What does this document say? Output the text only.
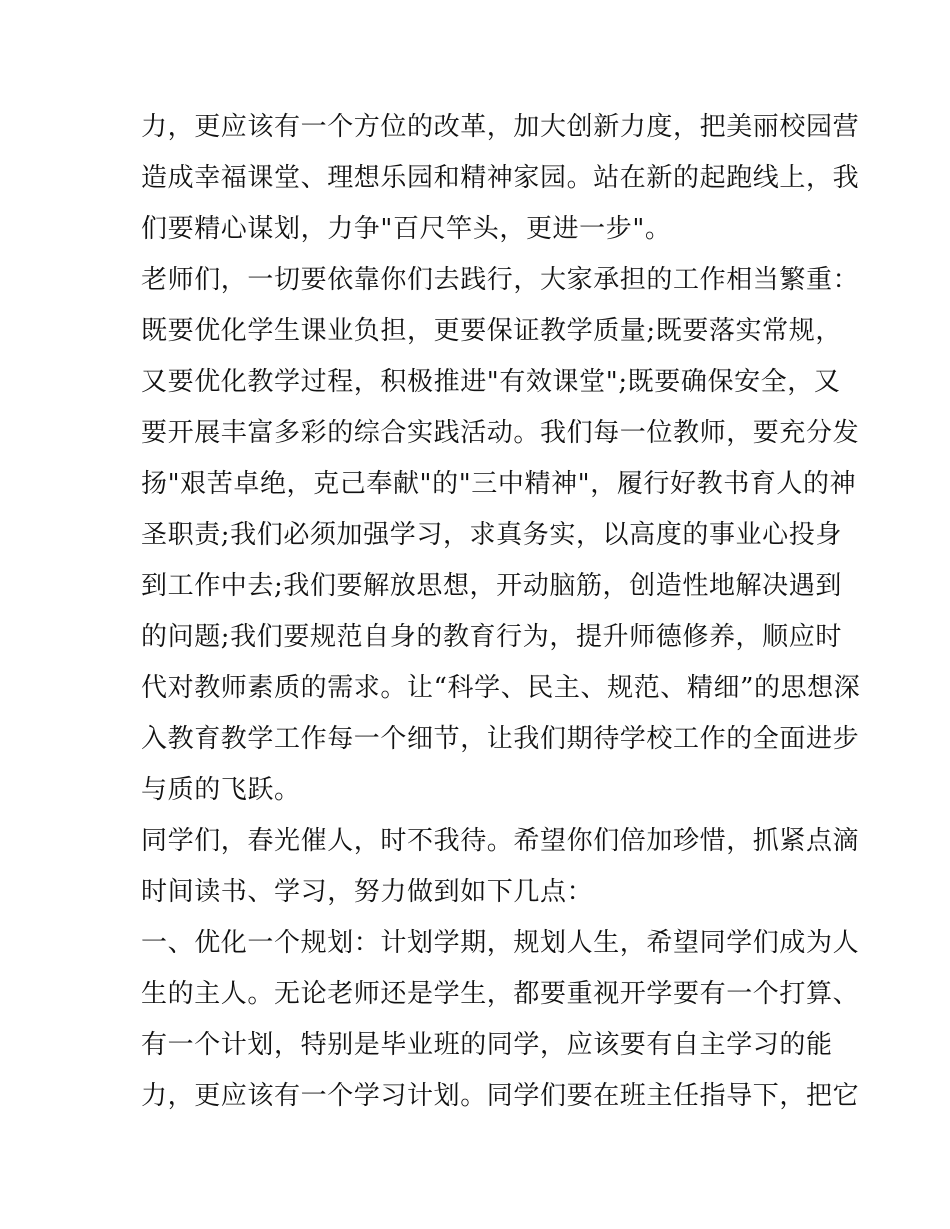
力，更应该有一个方位的改革，加大创新力度，把美丽校园营
造成幸福课堂、理想乐园和精神家园。站在新的起跑线上，我
们要精心谋划，力争"百尺竿头，更进一步"。
老师们，一切要依靠你们去践行，大家承担的工作相当繁重：
既要优化学生课业负担，更要保证教学质量;既要落实常规，
又要优化教学过程，积极推进"有效课堂";既要确保安全，又
要开展丰富多彩的综合实践活动。我们每一位教师，要充分发
扬"艰苦卓绝，克己奉献"的"三中精神"，履行好教书育人的神
圣职责;我们必须加强学习，求真务实，以高度的事业心投身
到工作中去;我们要解放思想，开动脑筋，创造性地解决遇到
的问题;我们要规范自身的教育行为，提升师德修养，顺应时
代对教师素质的需求。让“科学、民主、规范、精细”的思想深
入教育教学工作每一个细节，让我们期待学校工作的全面进步
与质的飞跃。
同学们，春光催人，时不我待。希望你们倍加珍惜，抓紧点滴
时间读书、学习，努力做到如下几点：
一、优化一个规划：计划学期，规划人生，希望同学们成为人
生的主人。无论老师还是学生，都要重视开学要有一个打算、
有一个计划，特别是毕业班的同学，应该要有自主学习的能
力，更应该有一个学习计划。同学们要在班主任指导下，把它
